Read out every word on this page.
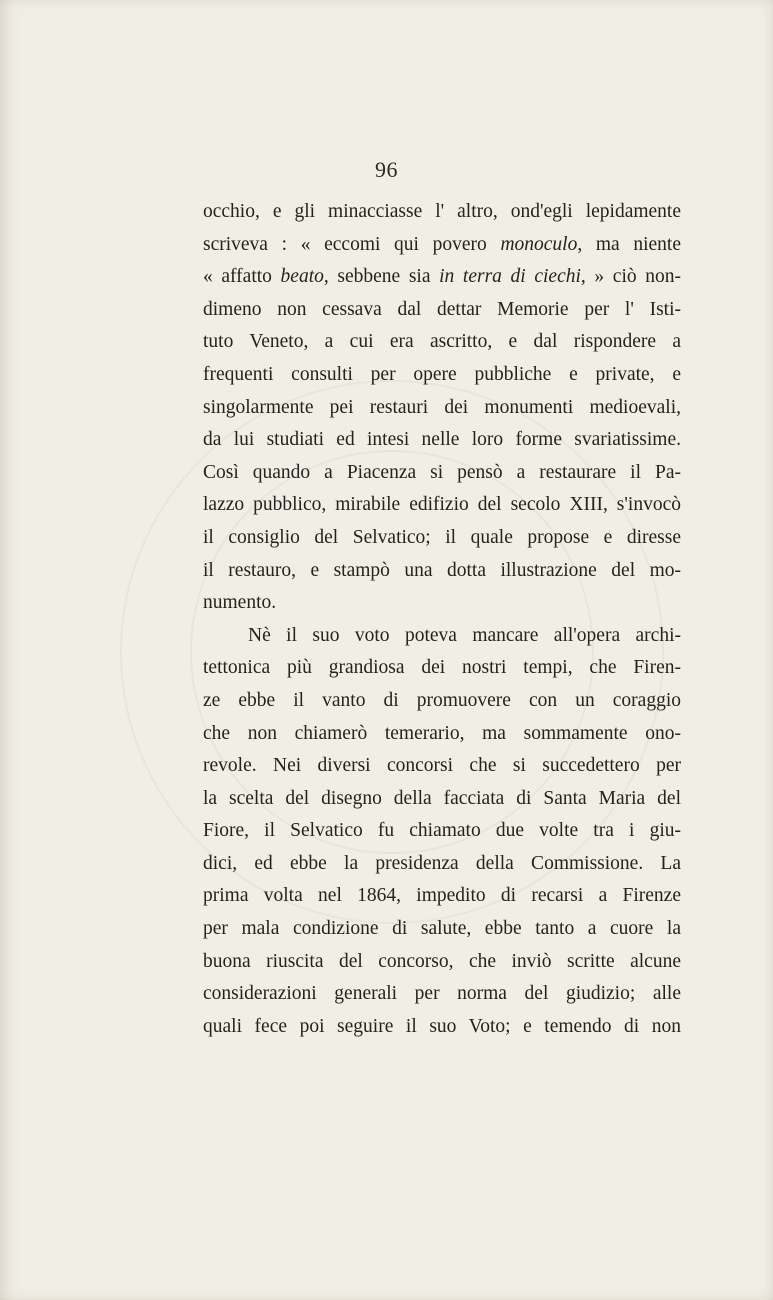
96
occhio, e gli minacciasse l' altro, ond'egli lepidamente
scriveva : « eccomi qui povero monoculo, ma niente
« affatto beato, sebbene sia in terra di ciechi, » ciò non-
dimeno non cessava dal dettar Memorie per l' Isti-
tuto Veneto, a cui era ascritto, e dal rispondere a
frequenti consulti per opere pubbliche e private, e
singolarmente pei restauri dei monumenti medioevali,
da lui studiati ed intesi nelle loro forme svariatissime.
Così quando a Piacenza si pensò a restaurare il Pa-
lazzo pubblico, mirabile edifizio del secolo XIII, s'invocò
il consiglio del Selvatico; il quale propose e diresse
il restauro, e stampò una dotta illustrazione del mo-
numento.
Nè il suo voto poteva mancare all'opera archi-
tettonica più grandiosa dei nostri tempi, che Firen-
ze ebbe il vanto di promuovere con un coraggio
che non chiamerò temerario, ma sommamente ono-
revole. Nei diversi concorsi che si succedettero per
la scelta del disegno della facciata di Santa Maria del
Fiore, il Selvatico fu chiamato due volte tra i giu-
dici, ed ebbe la presidenza della Commissione. La
prima volta nel 1864, impedito di recarsi a Firenze
per mala condizione di salute, ebbe tanto a cuore la
buona riuscita del concorso, che inviò scritte alcune
considerazioni generali per norma del giudizio; alle
quali fece poi seguire il suo Voto; e temendo di non
